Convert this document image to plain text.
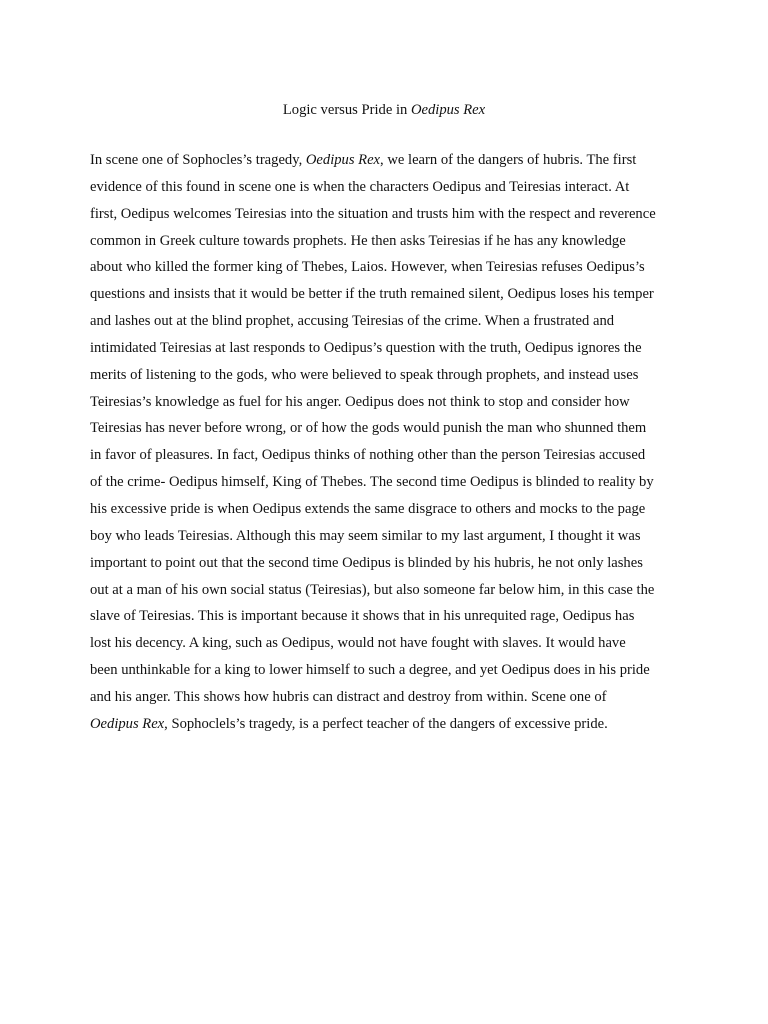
Logic versus Pride in Oedipus Rex

In scene one of Sophocles’s tragedy, Oedipus Rex, we learn of the dangers of hubris. The first
evidence of this found in scene one is when the characters Oedipus and Teiresias interact. At
first, Oedipus welcomes Teiresias into the situation and trusts him with the respect and reverence
common in Greek culture towards prophets. He then asks Teiresias if he has any knowledge
about who killed the former king of Thebes, Laios. However, when Teiresias refuses Oedipus’s
questions and insists that it would be better if the truth remained silent, Oedipus loses his temper
and lashes out at the blind prophet, accusing Teiresias of the crime. When a frustrated and
intimidated Teiresias at last responds to Oedipus’s question with the truth, Oedipus ignores the
merits of listening to the gods, who were believed to speak through prophets, and instead uses
Teiresias’s knowledge as fuel for his anger. Oedipus does not think to stop and consider how
Teiresias has never before wrong, or of how the gods would punish the man who shunned them
in favor of pleasures. In fact, Oedipus thinks of nothing other than the person Teiresias accused
of the crime- Oedipus himself, King of Thebes. The second time Oedipus is blinded to reality by
his excessive pride is when Oedipus extends the same disgrace to others and mocks to the page
boy who leads Teiresias. Although this may seem similar to my last argument, I thought it was
important to point out that the second time Oedipus is blinded by his hubris, he not only lashes
out at a man of his own social status (Teiresias), but also someone far below him, in this case the
slave of Teiresias. This is important because it shows that in his unrequited rage, Oedipus has
lost his decency. A king, such as Oedipus, would not have fought with slaves. It would have
been unthinkable for a king to lower himself to such a degree, and yet Oedipus does in his pride
and his anger. This shows how hubris can distract and destroy from within. Scene one of
Oedipus Rex, Sophoclels’s tragedy, is a perfect teacher of the dangers of excessive pride.
